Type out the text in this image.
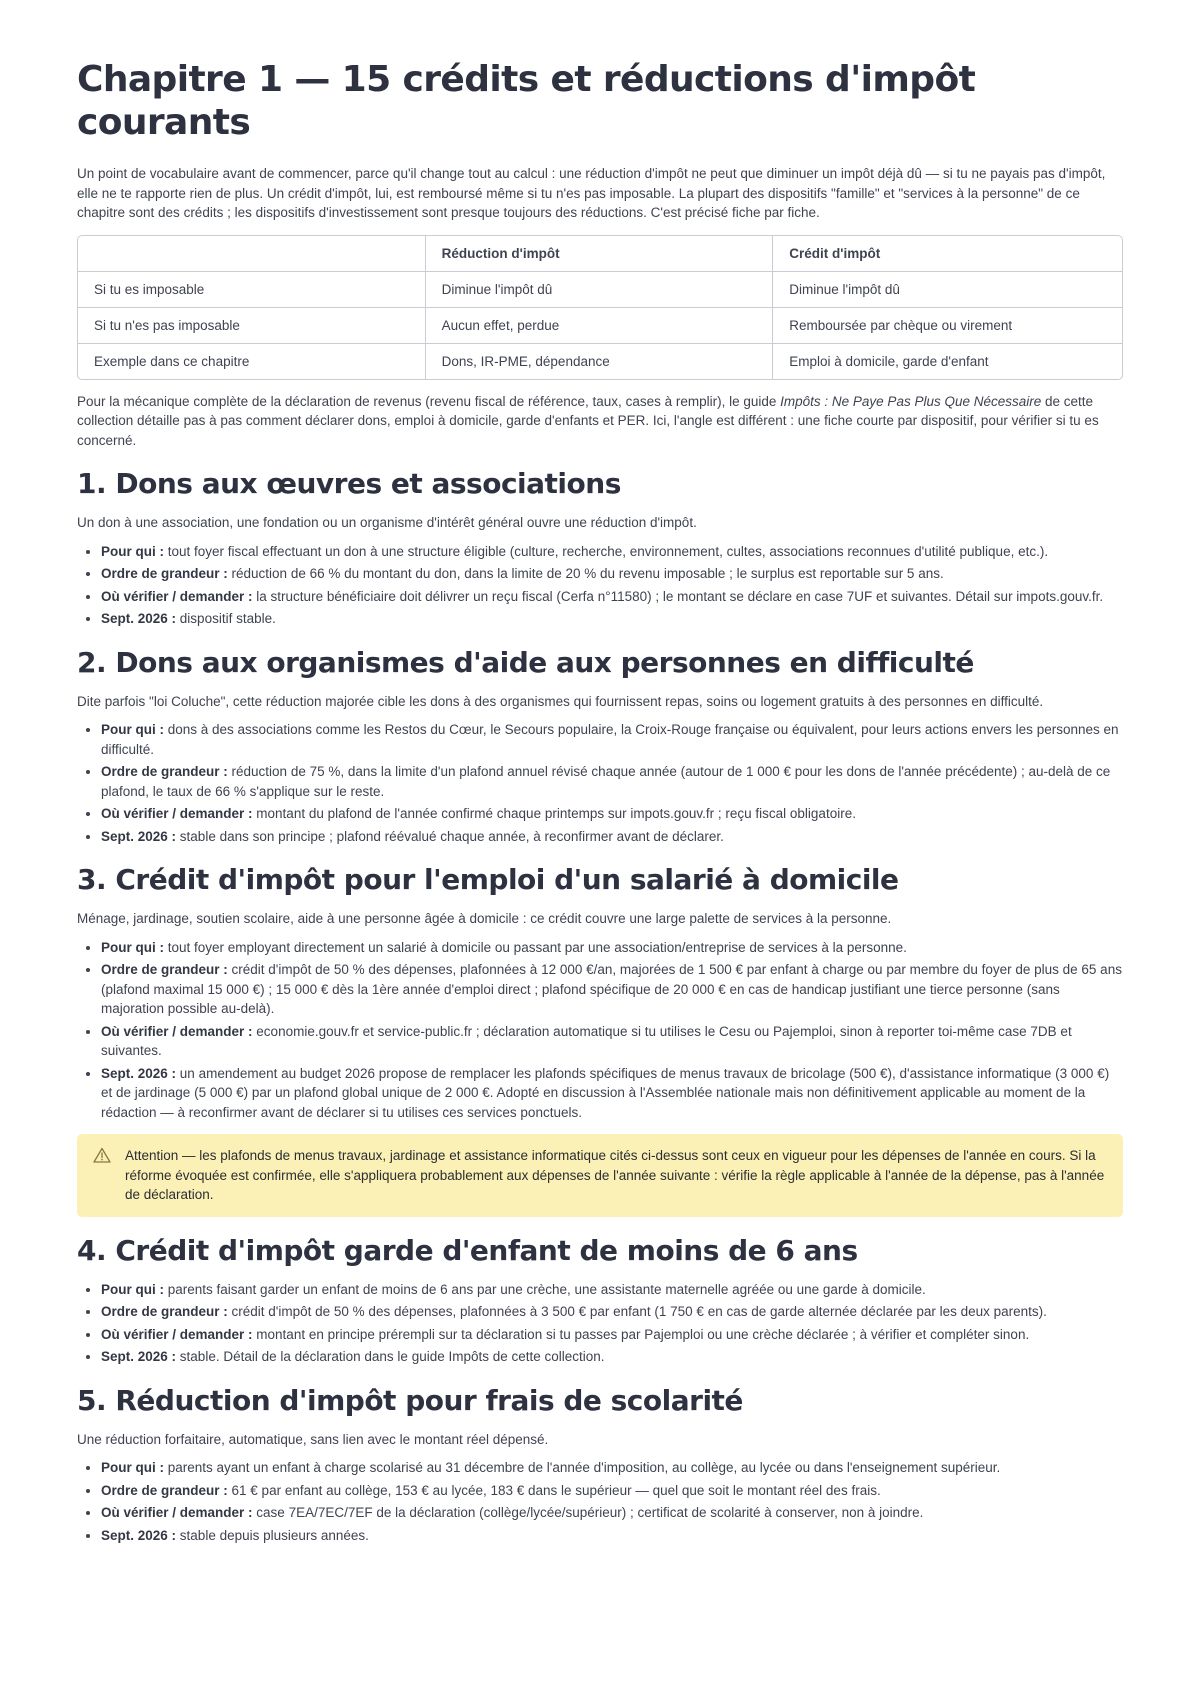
Chapitre 1 — 15 crédits et réductions d'impôt courants

Un point de vocabulaire avant de commencer, parce qu'il change tout au calcul : une réduction d'impôt ne peut que diminuer un impôt déjà dû — si tu ne payais pas d'impôt, elle ne te rapporte rien de plus. Un crédit d'impôt, lui, est remboursé même si tu n'es pas imposable. La plupart des dispositifs "famille" et "services à la personne" de ce chapitre sont des crédits ; les dispositifs d'investissement sont presque toujours des réductions. C'est précisé fiche par fiche.

	Réduction d'impôt	Crédit d'impôt
Si tu es imposable	Diminue l'impôt dû	Diminue l'impôt dû
Si tu n'es pas imposable	Aucun effet, perdue	Remboursée par chèque ou virement
Exemple dans ce chapitre	Dons, IR-PME, dépendance	Emploi à domicile, garde d'enfant

Pour la mécanique complète de la déclaration de revenus (revenu fiscal de référence, taux, cases à remplir), le guide Impôts : Ne Paye Pas Plus Que Nécessaire de cette collection détaille pas à pas comment déclarer dons, emploi à domicile, garde d'enfants et PER. Ici, l'angle est différent : une fiche courte par dispositif, pour vérifier si tu es concerné.

1. Dons aux œuvres et associations

Un don à une association, une fondation ou un organisme d'intérêt général ouvre une réduction d'impôt.

• Pour qui : tout foyer fiscal effectuant un don à une structure éligible (culture, recherche, environnement, cultes, associations reconnues d'utilité publique, etc.).
• Ordre de grandeur : réduction de 66 % du montant du don, dans la limite de 20 % du revenu imposable ; le surplus est reportable sur 5 ans.
• Où vérifier / demander : la structure bénéficiaire doit délivrer un reçu fiscal (Cerfa n°11580) ; le montant se déclare en case 7UF et suivantes. Détail sur impots.gouv.fr.
• Sept. 2026 : dispositif stable.
2. Dons aux organismes d'aide aux personnes en difficulté

Dite parfois "loi Coluche", cette réduction majorée cible les dons à des organismes qui fournissent repas, soins ou logement gratuits à des personnes en difficulté.

• Pour qui : dons à des associations comme les Restos du Cœur, le Secours populaire, la Croix-Rouge française ou équivalent, pour leurs actions envers les personnes en difficulté.
• Ordre de grandeur : réduction de 75 %, dans la limite d'un plafond annuel révisé chaque année (autour de 1 000 € pour les dons de l'année précédente) ; au-delà de ce plafond, le taux de 66 % s'applique sur le reste.
• Où vérifier / demander : montant du plafond de l'année confirmé chaque printemps sur impots.gouv.fr ; reçu fiscal obligatoire.
• Sept. 2026 : stable dans son principe ; plafond réévalué chaque année, à reconfirmer avant de déclarer.
3. Crédit d'impôt pour l'emploi d'un salarié à domicile

Ménage, jardinage, soutien scolaire, aide à une personne âgée à domicile : ce crédit couvre une large palette de services à la personne.

• Pour qui : tout foyer employant directement un salarié à domicile ou passant par une association/entreprise de services à la personne.
• Ordre de grandeur : crédit d'impôt de 50 % des dépenses, plafonnées à 12 000 €/an, majorées de 1 500 € par enfant à charge ou par membre du foyer de plus de 65 ans (plafond maximal 15 000 €) ; 15 000 € dès la 1ère année d'emploi direct ; plafond spécifique de 20 000 € en cas de handicap justifiant une tierce personne (sans majoration possible au-delà).
• Où vérifier / demander : economie.gouv.fr et service-public.fr ; déclaration automatique si tu utilises le Cesu ou Pajemploi, sinon à reporter toi-même case 7DB et suivantes.
• Sept. 2026 : un amendement au budget 2026 propose de remplacer les plafonds spécifiques de menus travaux de bricolage (500 €), d'assistance informatique (3 000 €) et de jardinage (5 000 €) par un plafond global unique de 2 000 €. Adopté en discussion à l'Assemblée nationale mais non définitivement applicable au moment de la rédaction — à reconfirmer avant de déclarer si tu utilises ces services ponctuels.
Attention — les plafonds de menus travaux, jardinage et assistance informatique cités ci-dessus sont ceux en vigueur pour les dépenses de l'année en cours. Si la réforme évoquée est confirmée, elle s'appliquera probablement aux dépenses de l'année suivante : vérifie la règle applicable à l'année de la dépense, pas à l'année de déclaration.
4. Crédit d'impôt garde d'enfant de moins de 6 ans
• Pour qui : parents faisant garder un enfant de moins de 6 ans par une crèche, une assistante maternelle agréée ou une garde à domicile.
• Ordre de grandeur : crédit d'impôt de 50 % des dépenses, plafonnées à 3 500 € par enfant (1 750 € en cas de garde alternée déclarée par les deux parents).
• Où vérifier / demander : montant en principe prérempli sur ta déclaration si tu passes par Pajemploi ou une crèche déclarée ; à vérifier et compléter sinon.
• Sept. 2026 : stable. Détail de la déclaration dans le guide Impôts de cette collection.
5. Réduction d'impôt pour frais de scolarité

Une réduction forfaitaire, automatique, sans lien avec le montant réel dépensé.

• Pour qui : parents ayant un enfant à charge scolarisé au 31 décembre de l'année d'imposition, au collège, au lycée ou dans l'enseignement supérieur.
• Ordre de grandeur : 61 € par enfant au collège, 153 € au lycée, 183 € dans le supérieur — quel que soit le montant réel des frais.
• Où vérifier / demander : case 7EA/7EC/7EF de la déclaration (collège/lycée/supérieur) ; certificat de scolarité à conserver, non à joindre.
• Sept. 2026 : stable depuis plusieurs années.
